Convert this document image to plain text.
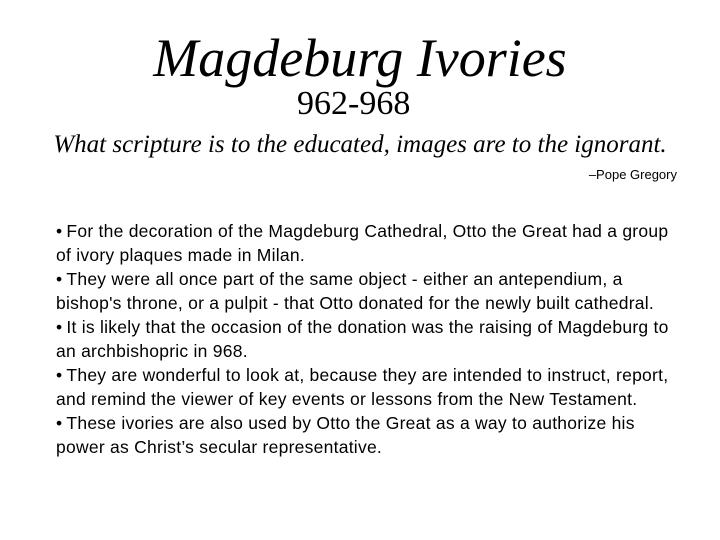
Magdeburg Ivories
962-968
What scripture is to the educated, images are to the ignorant.
–Pope Gregory
• For the decoration of the Magdeburg Cathedral, Otto the Great had a group of ivory plaques made in Milan.
• They were all once part of the same object - either an antependium, a bishop's throne, or a pulpit - that Otto donated for the newly built cathedral.
• It is likely that the occasion of the donation was the raising of Magdeburg to an archbishopric in 968.
• They are wonderful to look at, because they are intended to instruct, report, and remind the viewer of key events or lessons from the New Testament.
• These ivories are also used by Otto the Great as a way to authorize his power as Christ’s secular representative.
